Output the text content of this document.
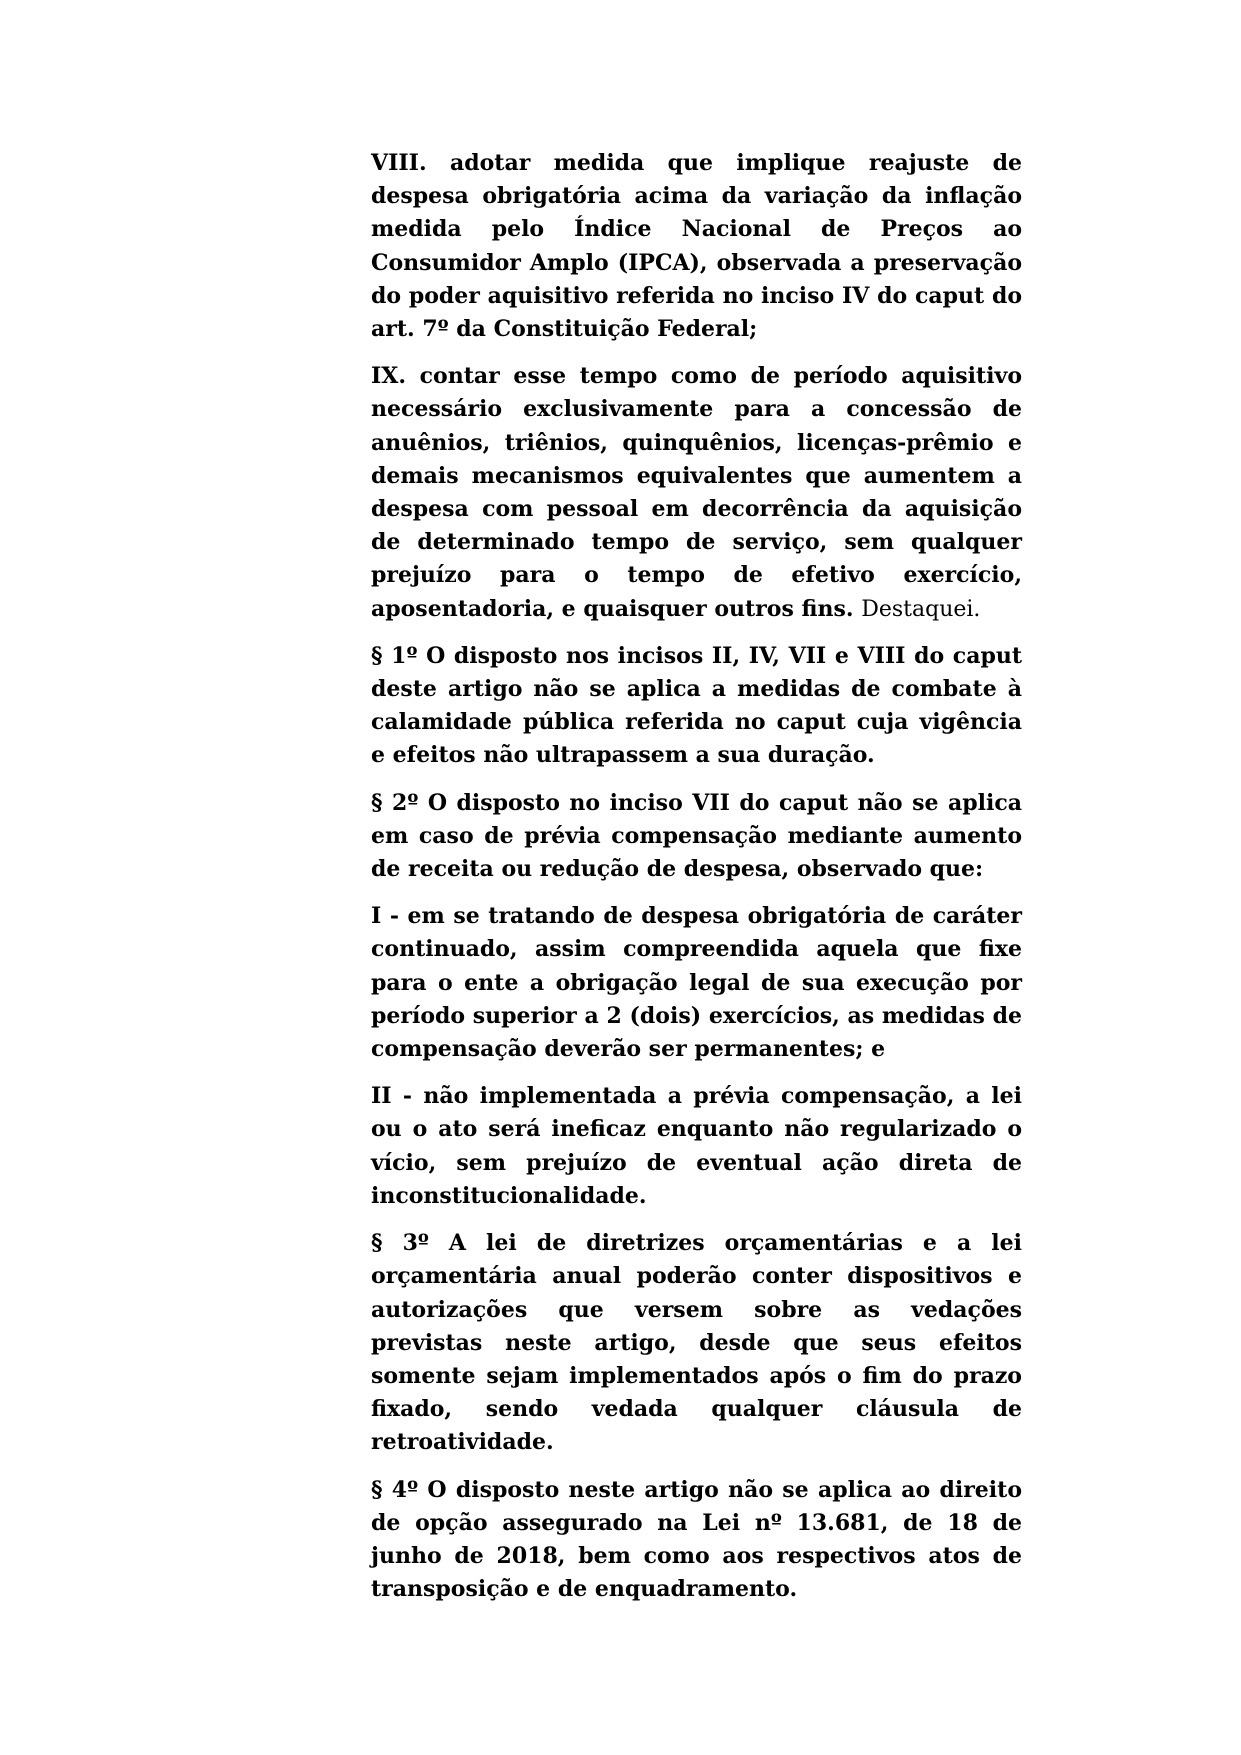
VIII. adotar medida que implique reajuste de despesa obrigatória acima da variação da inflação medida pelo Índice Nacional de Preços ao Consumidor Amplo (IPCA), observada a preservação do poder aquisitivo referida no inciso IV do caput do art. 7º da Constituição Federal;

IX. contar esse tempo como de período aquisitivo necessário exclusivamente para a concessão de anuênios, triênios, quinquênios, licenças-prêmio e demais mecanismos equivalentes que aumentem a despesa com pessoal em decorrência da aquisição de determinado tempo de serviço, sem qualquer prejuízo para o tempo de efetivo exercício, aposentadoria, e quaisquer outros fins. Destaquei.

§ 1º O disposto nos incisos II, IV, VII e VIII do caput deste artigo não se aplica a medidas de combate à calamidade pública referida no caput cuja vigência e efeitos não ultrapassem a sua duração.

§ 2º O disposto no inciso VII do caput não se aplica em caso de prévia compensação mediante aumento de receita ou redução de despesa, observado que:

I - em se tratando de despesa obrigatória de caráter continuado, assim compreendida aquela que fixe para o ente a obrigação legal de sua execução por período superior a 2 (dois) exercícios, as medidas de compensação deverão ser permanentes; e

II - não implementada a prévia compensação, a lei ou o ato será ineficaz enquanto não regularizado o vício, sem prejuízo de eventual ação direta de inconstitucionalidade.

§ 3º A lei de diretrizes orçamentárias e a lei orçamentária anual poderão conter dispositivos e autorizações que versem sobre as vedações previstas neste artigo, desde que seus efeitos somente sejam implementados após o fim do prazo fixado, sendo vedada qualquer cláusula de retroatividade.

§ 4º O disposto neste artigo não se aplica ao direito de opção assegurado na Lei nº 13.681, de 18 de junho de 2018, bem como aos respectivos atos de transposição e de enquadramento.
